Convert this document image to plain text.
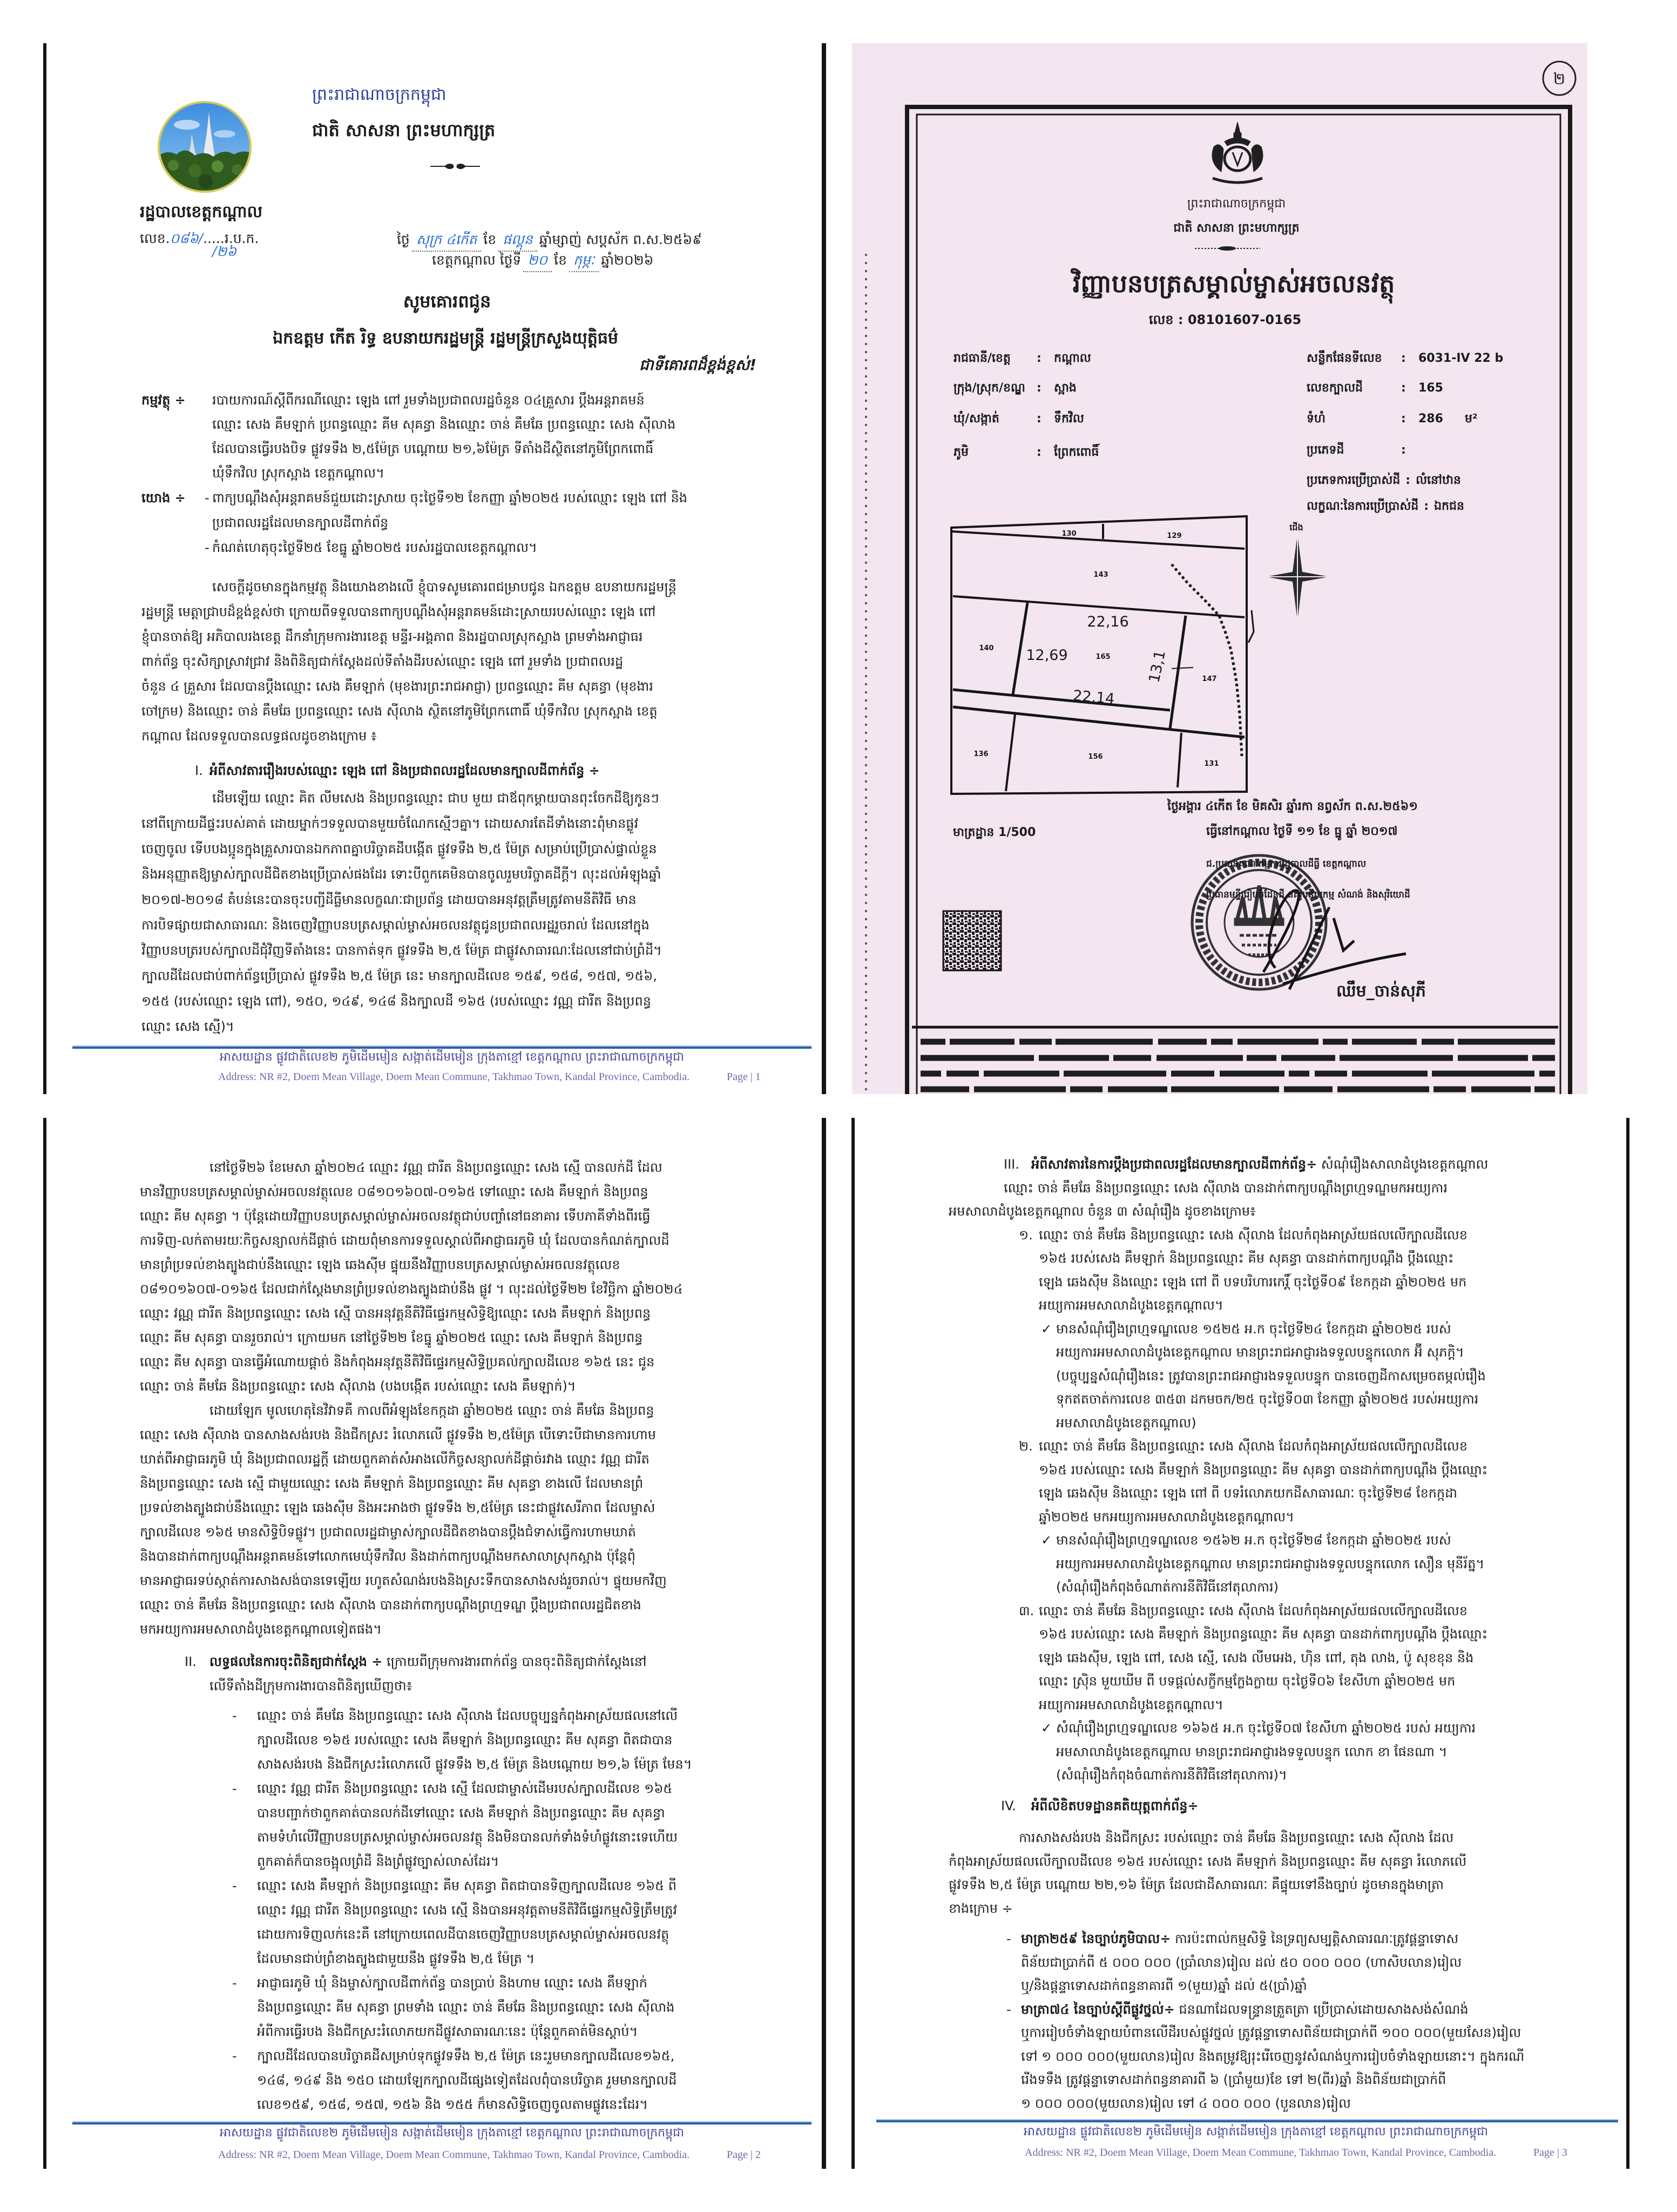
ព្រះរាជាណាចក្រកម្ពុជា
ជាតិ សាសនា ព្រះមហាក្សត្រ
រដ្ឋបាលខេត្តកណ្ដាល
លេខ.០៨៦/.....រ.ប.ក.
/២៦
ថ្ងៃ សុក្រ ៤កើត ខែ ផល្គុន ឆ្នាំម្សាញ់ សប្តស័ក ព.ស.២៥៦៩
ខេត្តកណ្ដាល ថ្ងៃទី ២០ ខែ កុម្ភៈ ឆ្នាំ២០២៦
សូមគោរពជូន
ឯកឧត្តម កើត រិទ្ធ ឧបនាយករដ្ឋមន្ត្រី រដ្ឋមន្ត្រីក្រសួងយុត្តិធម៌
ជាទីគោរពដ៏ខ្ពង់ខ្ពស់!
កម្មវត្ថុ ÷ របាយការណ៍ស្ដីពីករណីឈ្មោះ ឡេង ពៅ រួមទាំងប្រជាពលរដ្ឋចំនួន ០៤គ្រួសារ ប្ដឹងអន្តរាគមន៍
ឈ្មោះ សេង គឹមឡាក់ ប្រពន្ធឈ្មោះ គីម សុគន្ធា និងឈ្មោះ ចាន់ គឹមឆែ ប្រពន្ធឈ្មោះ សេង ស៊ីលាង
ដែលបានធ្វើរបងបិទ ផ្លូវទទឹង ២,៥ម៉ែត្រ បណ្ដោយ ២១,៦ម៉ែត្រ ទីតាំងដីស្ថិតនៅភូមិព្រែកពោធិ៍
ឃុំទឹកវិល ស្រុកស្អាង ខេត្តកណ្ដាល។
យោង ÷ - ពាក្យបណ្ដឹងសុំអន្តរាគមន៍ជួយដោះស្រាយ ចុះថ្ងៃទី១២ ខែកញ្ញា ឆ្នាំ២០២៥ របស់ឈ្មោះ ឡេង ពៅ និង
ប្រជាពលរដ្ឋដែលមានក្បាលដីពាក់ព័ន្ធ
-
កំណត់ហេតុចុះថ្ងៃទី២៥ ខែធ្នូ ឆ្នាំ២០២៥ របស់រដ្ឋបាលខេត្តកណ្ដាល។
សេចក្ដីដូចមានក្នុងកម្មវត្ថុ និងយោងខាងលើ ខ្ញុំបាទសូមគោរពជម្រាបជូន ឯកឧត្តម ឧបនាយករដ្ឋមន្ត្រី
រដ្ឋមន្ត្រី មេត្តាជ្រាបដ៏ខ្ពង់ខ្ពស់ថា ក្រោយពីទទួលបានពាក្យបណ្ដឹងសុំអន្តរាគមន៍ដោះស្រាយរបស់ឈ្មោះ ឡេង ពៅ
ខ្ញុំបានចាត់ឱ្យ អភិបាលរងខេត្ត ដឹកនាំក្រុមការងារខេត្ត មន្ទីរ-អង្គភាព និងរដ្ឋបាលស្រុកស្អាង ព្រមទាំងអាជ្ញាធរ
ពាក់ព័ន្ធ ចុះសិក្សាស្រាវជ្រាវ និងពិនិត្យជាក់ស្ដែងដល់ទីតាំងដីរបស់ឈ្មោះ ឡេង ពៅ រួមទាំង ប្រជាពលរដ្ឋ
ចំនួន ៤ គ្រួសារ ដែលបានប្ដឹងឈ្មោះ សេង គឹមឡាក់ (មុខងារព្រះរាជអាជ្ញា) ប្រពន្ធឈ្មោះ គីម សុគន្ធា (មុខងារ
ចៅក្រម) និងឈ្មោះ ចាន់ គឹមឆែ ប្រពន្ធឈ្មោះ សេង ស៊ីលាង ស្ថិតនៅភូមិព្រែកពោធិ៍ ឃុំទឹកវិល ស្រុកស្អាង ខេត្ត
កណ្ដាល ដែលទទួលបានលទ្ធផលដូចខាងក្រោម ៖
I. អំពីសាវតាររឿងរបស់ឈ្មោះ ឡេង ពៅ និងប្រជាពលរដ្ឋដែលមានក្បាលដីពាក់ព័ន្ធ ÷
ដើមឡើយ ឈ្មោះ គិត លីមសេង និងប្រពន្ធឈ្មោះ ជាប មួយ ជាឪពុកម្ដាយបានពុះចែកដីឱ្យកូនៗ
នៅពីក្រោយដីផ្ទះរបស់គាត់ ដោយម្នាក់ៗទទួលបានមួយចំណែកស្មើៗគ្នា។ ដោយសារតែដីទាំងនោះពុំមានផ្លូវ
ចេញចូល ទើបបងប្អូនក្នុងគ្រួសារបានឯកភាពគ្នាបរិច្ចាគដីបង្កើត ផ្លូវទទឹង ២,៥ ម៉ែត្រ សម្រាប់ប្រើប្រាស់ផ្ទាល់ខ្លួន
និងអនុញ្ញាតឱ្យម្ចាស់ក្បាលដីជិតខាងប្រើប្រាស់ផងដែរ ទោះបីពួកគេមិនបានចូលរួមបរិច្ចាគដីក្ដី។ លុះដល់អំឡុងឆ្នាំ
២០១៧-២០១៨ តំបន់នេះបានចុះបញ្ជីដីធ្លីមានលក្ខណៈជាប្រព័ន្ធ ដោយបានអនុវត្តត្រឹមត្រូវតាមនីតិវិធី មាន
ការបិទផ្សាយជាសាធារណៈ និងចេញវិញ្ញាបនបត្រសម្គាល់ម្ចាស់អចលនវត្ថុជូនប្រជាពលរដ្ឋរួចរាល់ ដែលនៅក្នុង
វិញ្ញាបនបត្ររបស់ក្បាលដីជុំវិញទីតាំងនេះ បានកាត់ទុក ផ្លូវទទឹង ២,៥ ម៉ែត្រ ជាផ្លូវសាធារណៈដែលនៅជាប់ព្រំដី។
ក្បាលដីដែលជាប់ពាក់ព័ន្ធប្រើប្រាស់ ផ្លូវទទឹង ២,៥ ម៉ែត្រ នេះ មានក្បាលដីលេខ ១៥៩, ១៥៨, ១៥៧, ១៥៦,
១៥៥ (របស់ឈ្មោះ ឡេង ពៅ), ១៥០, ១៤៩, ១៤៨ និងក្បាលដី ១៦៥ (របស់ឈ្មោះ វណ្ណ ជារីត និងប្រពន្ធ
ឈ្មោះ សេង ស្មើ)។
អាសយដ្ឋាន ផ្លូវជាតិលេខ២ ភូមិដើមមៀន សង្កាត់ដើមមៀន ក្រុងតាខ្មៅ ខេត្តកណ្ដាល ព្រះរាជាណាចក្រកម្ពុជា
Address: NR #2, Doem Mean Village, Doem Mean Commune, Takhmao Town, Kandal Province, Cambodia.	Page | 1
២
130	129
143
140
165
147
136	156
131
22,16
12,69	13,1
22,14
ជើង
ព្រះរាជាណាចក្រកម្ពុជា
ជាតិ សាសនា ព្រះមហាក្សត្រ
វិញ្ញាបនបត្រសម្គាល់ម្ចាស់អចលនវត្ថុ
លេខ : 08101607-0165
រាជធានី/ខេត្ត	:	កណ្ដាល
ក្រុង/ស្រុក/ខណ្ឌ :	ស្អាង
ឃុំ/សង្កាត់	:	ទឹកវិល
ភូមិ	:	ព្រែកពោធិ៍
សន្លឹកផែនទីលេខ	:	6031-IV 22 b
លេខក្បាលដី	:	165
ទំហំ	:	286 ម²
ប្រភេទដី	:
ប្រភេទការប្រើប្រាស់ដី : លំនៅឋាន
លក្ខណៈនៃការប្រើប្រាស់ដី : ឯកជន
មាត្រដ្ឋាន 1/500
ថ្ងៃអង្គារ ៤កើត ខែ មិគសិរ ឆ្នាំរកា នព្វស័ក ព.ស.២៥៦១
ធ្វើនៅកណ្ដាល ថ្ងៃទី ១១ ខែ ធ្នូ ឆ្នាំ ២០១៧
ជ.ប្រធានគណៈកម្មការរដ្ឋបាលដីធ្លី ខេត្តកណ្ដាល
ប្រធានមន្ទីររៀបចំដែនដី នគរូបនីយកម្ម សំណង់ និងសុរិយោដី
ឈឹម_ចាន់សុភី
នៅថ្ងៃទី២៦ ខែមេសា ឆ្នាំ២០២៤ ឈ្មោះ វណ្ណ ជារីត និងប្រពន្ធឈ្មោះ សេង ស្មើ បានលក់ដី ដែល
មានវិញ្ញាបនបត្រសម្គាល់ម្ចាស់អចលនវត្ថុលេខ ០៨១០១៦០៧-០១៦៥ ទៅឈ្មោះ សេង គឹមឡាក់ និងប្រពន្ធ
ឈ្មោះ គីម សុគន្ធា ។ ប៉ុន្តែដោយវិញ្ញាបនបត្រសម្គាល់ម្ចាស់អចលនវត្ថុជាប់បញ្ចាំនៅធនាគារ ទើបភាគីទាំងពីរធ្វើ
ការទិញ-លក់តាមរយៈកិច្ចសន្យាលក់ដីផ្ដាច់ ដោយពុំមានការទទួលស្គាល់ពីអាជ្ញាធរភូមិ ឃុំ ដែលបានកំណត់ក្បាលដី
មានព្រំប្រទល់ខាងត្បូងជាប់នឹងឈ្មោះ ឡេង ឆេងស៊ីម ផ្ទុយនឹងវិញ្ញាបនបត្រសម្គាល់ម្ចាស់អចលនវត្ថុលេខ
០៨១០១៦០៧-០១៦៥ ដែលជាក់ស្ដែងមានព្រំប្រទល់ខាងត្បូងជាប់នឹង ផ្លូវ ។ លុះដល់ថ្ងៃទី២២ ខែវិច្ឆិកា ឆ្នាំ២០២៤
ឈ្មោះ វណ្ណ ជារីត និងប្រពន្ធឈ្មោះ សេង ស្មើ បានអនុវត្តនីតិវិធីផ្ទេរកម្មសិទ្ធិឱ្យឈ្មោះ សេង គឹមឡាក់ និងប្រពន្ធ
ឈ្មោះ គីម សុគន្ធា បានរួចរាល់។ ក្រោយមក នៅថ្ងៃទី២២ ខែធ្នូ ឆ្នាំ២០២៥ ឈ្មោះ សេង គឹមឡាក់ និងប្រពន្ធ
ឈ្មោះ គីម សុគន្ធា បានធ្វើអំណោយផ្ដាច់ និងកំពុងអនុវត្តនីតិវិធីផ្ទេរកម្មសិទ្ធិប្រគល់ក្បាលដីលេខ ១៦៥ នេះ ជូន
ឈ្មោះ ចាន់ គឹមឆែ និងប្រពន្ធឈ្មោះ សេង ស៊ីលាង (បងបង្កើត របស់ឈ្មោះ សេង គឹមឡាក់)។
ដោយឡែក មូលហេតុនៃវិវាទគឺ កាលពីអំឡុងខែកក្កដា ឆ្នាំ២០២៥ ឈ្មោះ ចាន់ គឹមឆែ និងប្រពន្ធ
ឈ្មោះ សេង ស៊ីលាង បានសាងសង់របង និងជីកស្រះ រំលោភលើ ផ្លូវទទឹង ២,៥ម៉ែត្រ បើទោះបីជាមានការហាម
ឃាត់ពីអាជ្ញាធរភូមិ ឃុំ និងប្រជាពលរដ្ឋក្ដី ដោយពួកគាត់សំអាងលើកិច្ចសន្យាលក់ដីផ្ដាច់រវាង ឈ្មោះ វណ្ណ ជារីត
និងប្រពន្ធឈ្មោះ សេង ស្មើ ជាមួយឈ្មោះ សេង គឹមឡាក់ និងប្រពន្ធឈ្មោះ គីម សុគន្ធា ខាងលើ ដែលមានព្រំ
ប្រទល់ខាងត្បូងជាប់នឹងឈ្មោះ ឡេង ឆេងស៊ីម និងអះអាងថា ផ្លូវទទឹង ២,៥ម៉ែត្រ នេះជាផ្លូវសេរីភាព ដែលម្ចាស់
ក្បាលដីលេខ ១៦៥ មានសិទ្ធិបិទផ្លូវ។ ប្រជាពលរដ្ឋជាម្ចាស់ក្បាលដីជិតខាងបានប្ដឹងជំទាស់ធ្វើការហាមឃាត់
និងបានដាក់ពាក្យបណ្ដឹងអន្តរាគមន៍ទៅលោកមេឃុំទឹកវិល និងដាក់ពាក្យបណ្ដឹងមកសាលាស្រុកស្អាង ប៉ុន្តែពុំ
មានអាជ្ញាធរទប់ស្កាត់ការសាងសង់បានទេឡើយ រហូតសំណង់របងនិងស្រះទឹកបានសាងសង់រួចរាល់។ ផ្ទុយមកវិញ
ឈ្មោះ ចាន់ គឹមឆែ និងប្រពន្ធឈ្មោះ សេង ស៊ីលាង បានដាក់ពាក្យបណ្ដឹងព្រហ្មទណ្ឌ ប្ដឹងប្រជាពលរដ្ឋជិតខាង
មកអយ្យការអមសាលាដំបូងខេត្តកណ្ដាលទៀតផង។
II. លទ្ធផលនៃការចុះពិនិត្យជាក់ស្ដែង ÷ ក្រោយពីក្រុមការងារពាក់ព័ន្ធ បានចុះពិនិត្យជាក់ស្ដែងនៅ
លើទីតាំងដីក្រុមការងារបានពិនិត្យឃើញថា៖
-
ឈ្មោះ ចាន់ គឹមឆែ និងប្រពន្ធឈ្មោះ សេង ស៊ីលាង ដែលបច្ចុប្បន្នកំពុងអាស្រ័យផលនៅលើ
ក្បាលដីលេខ ១៦៥ របស់ឈ្មោះ សេង គឹមឡាក់ និងប្រពន្ធឈ្មោះ គីម សុគន្ធា ពិតជាបាន
សាងសង់របង និងជីកស្រះរំលោភលើ ផ្លូវទទឹង ២,៥ ម៉ែត្រ និងបណ្ដោយ ២១,៦ ម៉ែត្រ មែន។
-
ឈ្មោះ វណ្ណ ជារីត និងប្រពន្ធឈ្មោះ សេង ស្មើ ដែលជាម្ចាស់ដើមរបស់ក្បាលដីលេខ ១៦៥
បានបញ្ជាក់ថាពួកគាត់បានលក់ដីទៅឈ្មោះ សេង គឹមឡាក់ និងប្រពន្ធឈ្មោះ គីម សុគន្ធា
តាមទំហំលើវិញ្ញាបនបត្រសម្គាល់ម្ចាស់អចលនវត្ថុ និងមិនបានលក់ទាំងទំហំផ្លូវនោះទេហើយ
ពួកគាត់ក៏បានចង្អុលព្រំដី និងព្រំផ្លូវច្បាស់លាស់ដែរ។
-
ឈ្មោះ សេង គឹមឡាក់ និងប្រពន្ធឈ្មោះ គីម សុគន្ធា ពិតជាបានទិញក្បាលដីលេខ ១៦៥ ពី
ឈ្មោះ វណ្ណ ជារីត និងប្រពន្ធឈ្មោះ សេង ស្មើ និងបានអនុវត្តតាមនីតិវិធីផ្ទេរកម្មសិទ្ធិត្រឹមត្រូវ
ដោយការទិញលក់នេះគឺ នៅក្រោយពេលដីបានចេញវិញ្ញាបនបត្រសម្គាល់ម្ចាស់អចលនវត្ថុ
ដែលមានជាប់ព្រំខាងត្បូងជាមួយនឹង ផ្លូវទទឹង ២,៥ ម៉ែត្រ ។
-
អាជ្ញាធរភូមិ ឃុំ និងម្ចាស់ក្បាលដីពាក់ព័ន្ធ បានប្រាប់ និងហាម ឈ្មោះ សេង គឹមឡាក់
និងប្រពន្ធឈ្មោះ គីម សុគន្ធា ព្រមទាំង ឈ្មោះ ចាន់ គឹមឆែ និងប្រពន្ធឈ្មោះ សេង ស៊ីលាង
អំពីការធ្វើរបង និងជីកស្រះរំលោភយកដីផ្លូវសាធារណៈនេះ ប៉ុន្តែពួកគាត់មិនស្ដាប់។
-
ក្បាលដីដែលបានបរិច្ចាគដីសម្រាប់ទុកផ្លូវទទឹង ២,៥ ម៉ែត្រ នេះរួមមានក្បាលដីលេខ១៦៥,
១៤៨, ១៤៩ និង ១៥០ ដោយឡែកក្បាលដីផ្សេងទៀតដែលពុំបានបរិច្ចាគ រួមមានក្បាលដី
លេខ១៥៩, ១៥៨, ១៥៧, ១៥៦ និង ១៥៥ ក៏មានសិទ្ធិចេញចូលតាមផ្លូវនេះដែរ។
អាសយដ្ឋាន ផ្លូវជាតិលេខ២ ភូមិដើមមៀន សង្កាត់ដើមមៀន ក្រុងតាខ្មៅ ខេត្តកណ្ដាល ព្រះរាជាណាចក្រកម្ពុជា
Address: NR #2, Doem Mean Village, Doem Mean Commune, Takhmao Town, Kandal Province, Cambodia.	Page | 2
III. អំពីសាវតារនៃការប្ដឹងប្រជាពលរដ្ឋដែលមានក្បាលដីពាក់ព័ន្ធ÷ សំណុំរឿងសាលាដំបូងខេត្តកណ្ដាល
ឈ្មោះ ចាន់ គឹមឆែ និងប្រពន្ធឈ្មោះ សេង ស៊ីលាង បានដាក់ពាក្យបណ្ដឹងព្រហ្មទណ្ឌមកអយ្យការ
អមសាលាដំបូងខេត្តកណ្ដាល ចំនួន ៣ សំណុំរឿង ដូចខាងក្រោម៖
១. ឈ្មោះ ចាន់ គឹមឆែ និងប្រពន្ធឈ្មោះ សេង ស៊ីលាង ដែលកំពុងអាស្រ័យផលលើក្បាលដីលេខ
១៦៥ របស់សេង គឹមឡាក់ និងប្រពន្ធឈ្មោះ គីម សុគន្ធា បានដាក់ពាក្យបណ្ដឹង ប្ដឹងឈ្មោះ
ឡេង ឆេងស៊ីម និងឈ្មោះ ឡេង ពៅ ពី បទបរិហារកេរ្តិ៍ ចុះថ្ងៃទី០៩ ខែកក្កដា ឆ្នាំ២០២៥ មក
អយ្យការអមសាលាដំបូងខេត្តកណ្ដាល។
✓
មានសំណុំរឿងព្រហ្មទណ្ឌលេខ ១៥២៥ អ.ក ចុះថ្ងៃទី២៤ ខែកក្កដា ឆ្នាំ២០២៥ របស់
អយ្យការអមសាលាដំបូងខេត្តកណ្ដាល មានព្រះរាជអាជ្ញារងទទួលបន្ទុកលោក អ៊ី សុភក្ដិ។
(បច្ចុប្បន្នសំណុំរឿងនេះ ត្រូវបានព្រះរាជអាជ្ញារងទទួលបន្ទុក បានចេញដីកាសម្រេចតម្កល់រឿង
ទុកឥតចាត់ការលេខ ៣៥៣ ដកមចក/២៥ ចុះថ្ងៃទី០៣ ខែកញ្ញា ឆ្នាំ២០២៥ របស់អយ្យការ
អមសាលាដំបូងខេត្តកណ្ដាល)
២. ឈ្មោះ ចាន់ គឹមឆែ និងប្រពន្ធឈ្មោះ សេង ស៊ីលាង ដែលកំពុងអាស្រ័យផលលើក្បាលដីលេខ
១៦៥ របស់ឈ្មោះ សេង គឹមឡាក់ និងប្រពន្ធឈ្មោះ គីម សុគន្ធា បានដាក់ពាក្យបណ្ដឹង ប្ដឹងឈ្មោះ
ឡេង ឆេងស៊ីម និងឈ្មោះ ឡេង ពៅ ពី បទរំលោភយកដីសាធារណៈ ចុះថ្ងៃទី២៨ ខែកក្កដា
ឆ្នាំ២០២៥ មកអយ្យការអមសាលាដំបូងខេត្តកណ្ដាល។
✓
មានសំណុំរឿងព្រហ្មទណ្ឌលេខ ១៥៦២ អ.ក ចុះថ្ងៃទី២៨ ខែកក្កដា ឆ្នាំ២០២៥ របស់
អយ្យការអមសាលាដំបូងខេត្តកណ្ដាល មានព្រះរាជអាជ្ញារងទទួលបន្ទុកលោក សឿន មុនីរ័ត្ន។
(សំណុំរឿងកំពុងចំណាត់ការនីតិវិធីនៅតុលាការ)
៣. ឈ្មោះ ចាន់ គឹមឆែ និងប្រពន្ធឈ្មោះ សេង ស៊ីលាង ដែលកំពុងអាស្រ័យផលលើក្បាលដីលេខ
១៦៥ របស់ឈ្មោះ សេង គឹមឡាក់ និងប្រពន្ធឈ្មោះ គីម សុគន្ធា បានដាក់ពាក្យបណ្ដឹង ប្ដឹងឈ្មោះ
ឡេង ឆេងស៊ីម, ឡេង ពៅ, សេង ស្មើ, សេង លីមអេង, ហ៊ិន ពៅ, តុង លាង, ប៉ូ សុខខុន និង
ឈ្មោះ ស្រ៊ិន មួយឃីម ពី បទផ្ដល់សក្ខីកម្មក្លែងក្លាយ ចុះថ្ងៃទី០៦ ខែសីហា ឆ្នាំ២០២៥ មក
អយ្យការអមសាលាដំបូងខេត្តកណ្ដាល។
✓
សំណុំរឿងព្រហ្មទណ្ឌលេខ ១៦៦៥ អ.ក ចុះថ្ងៃទី០៧ ខែសីហា ឆ្នាំ២០២៥ របស់ អយ្យការ
អមសាលាដំបូងខេត្តកណ្ដាល មានព្រះរាជអាជ្ញារងទទួលបន្ទុក លោក ខា ផែនណា ។
(សំណុំរឿងកំពុងចំណាត់ការនីតិវិធីនៅតុលាការ)។
IV. អំពីលិខិតបទដ្ឋានគតិយុត្តពាក់ព័ន្ធ÷
ការសាងសង់របង និងជីកស្រះ របស់ឈ្មោះ ចាន់ គឹមឆែ និងប្រពន្ធឈ្មោះ សេង ស៊ីលាង ដែល
កំពុងអាស្រ័យផលលើក្បាលដីលេខ ១៦៥ របស់ឈ្មោះ សេង គឹមឡាក់ និងប្រពន្ធឈ្មោះ គីម សុគន្ធា រំលោភលើ
ផ្លូវទទឹង ២,៥ ម៉ែត្រ បណ្ដោយ ២២,១៦ ម៉ែត្រ ដែលជាដីសាធារណៈ គឺផ្ទុយទៅនឹងច្បាប់ ដូចមានក្នុងមាត្រា
ខាងក្រោម ÷
-
មាត្រា២៥៩ នៃច្បាប់ភូមិបាល÷ ការប៉ះពាល់កម្មសិទ្ធិ នៃទ្រព្យសម្បត្តិសាធារណៈត្រូវផ្ដន្ទាទោស
ពិន័យជាប្រាក់ពី ៥ ០០០ ០០០ (ប្រាំលាន)រៀល ដល់ ៥០ ០០០ ០០០ (ហាសិបលាន)រៀល
ឬ/និងផ្ដន្ទាទោសដាក់ពន្ធនាគារពី ១(មួយ)ឆ្នាំ ដល់ ៥(ប្រាំ)ឆ្នាំ
-
មាត្រា៧៤ នៃច្បាប់ស្ដីពីផ្លូវថ្នល់÷ ជនណាដែលទន្ទ្រានត្រួតត្រា ប្រើប្រាស់ដោយសាងសង់សំណង់
ឬការរៀបចំទាំងឡាយបំពានលើដីរបស់ផ្លូវថ្នល់ ត្រូវផ្ដន្ទាទោសពិន័យជាប្រាក់ពី ១០០ ០០០(មួយសែន)រៀល
ទៅ ១ ០០០ ០០០(មួយលាន)រៀល និងតម្រូវឱ្យរុះរើចេញនូវសំណង់ឬការរៀបចំទាំងឡាយនោះ។ ក្នុងករណី
រើងទទឹង ត្រូវផ្ដន្ទាទោសដាក់ពន្ធនាគារពី ៦ (ប្រាំមួយ)ខែ ទៅ ២(ពីរ)ឆ្នាំ និងពិន័យជាប្រាក់ពី
១ ០០០ ០០០(មួយលាន)រៀល ទៅ ៤ ០០០ ០០០ (បួនលាន)រៀល
អាសយដ្ឋាន ផ្លូវជាតិលេខ២ ភូមិដើមមៀន សង្កាត់ដើមមៀន ក្រុងតាខ្មៅ ខេត្តកណ្ដាល ព្រះរាជាណាចក្រកម្ពុជា
Address: NR #2, Doem Mean Village, Doem Mean Commune, Takhmao Town, Kandal Province, Cambodia.	Page | 3
